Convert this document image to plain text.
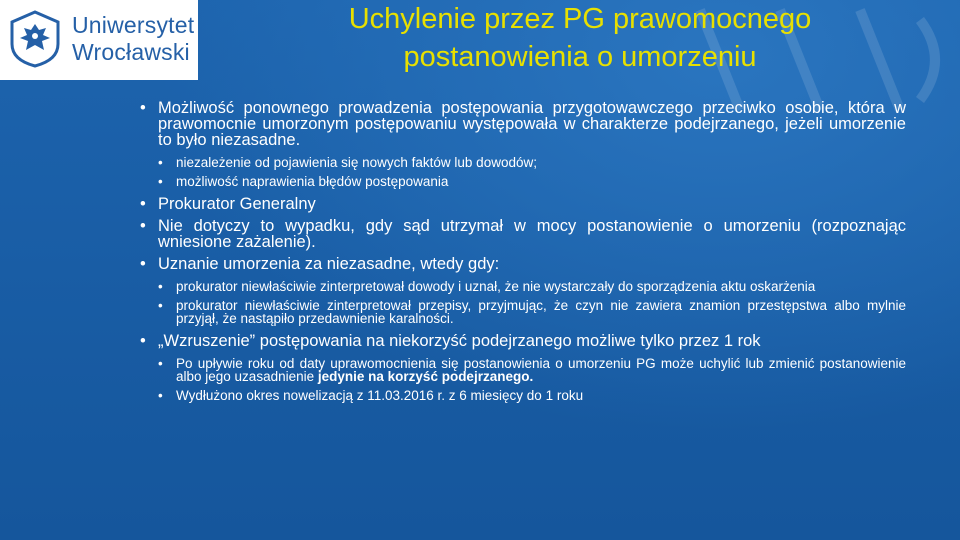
Uniwersytet
Wrocławski
Uchylenie przez PG prawomocnego
postanowienia o umorzeniu
• Możliwość ponownego prowadzenia postępowania przygotowawczego przeciwko osobie, która w prawomocnie umorzonym postępowaniu występowała w charakterze podejrzanego, jeżeli umorzenie to było niezasadne.
• niezależenie od pojawienia się nowych faktów lub dowodów;
• możliwość naprawienia błędów postępowania
• Prokurator Generalny
• Nie dotyczy to wypadku, gdy sąd utrzymał w mocy postanowienie o umorzeniu (rozpoznając wniesione zażalenie).
• Uznanie umorzenia za niezasadne, wtedy gdy:
• prokurator niewłaściwie zinterpretował dowody i uznał, że nie wystarczały do sporządzenia aktu oskarżenia
• prokurator niewłaściwie zinterpretował przepisy, przyjmując, że czyn nie zawiera znamion przestępstwa albo mylnie przyjął, że nastąpiło przedawnienie karalności.
• „Wzruszenie” postępowania na niekorzyść podejrzanego możliwe tylko przez 1 rok
• Po upływie roku od daty uprawomocnienia się postanowienia o umorzeniu PG może uchylić lub zmienić postanowienie albo jego uzasadnienie jedynie na korzyść podejrzanego.
• Wydłużono okres nowelizacją z 11.03.2016 r. z 6 miesięcy do 1 roku
